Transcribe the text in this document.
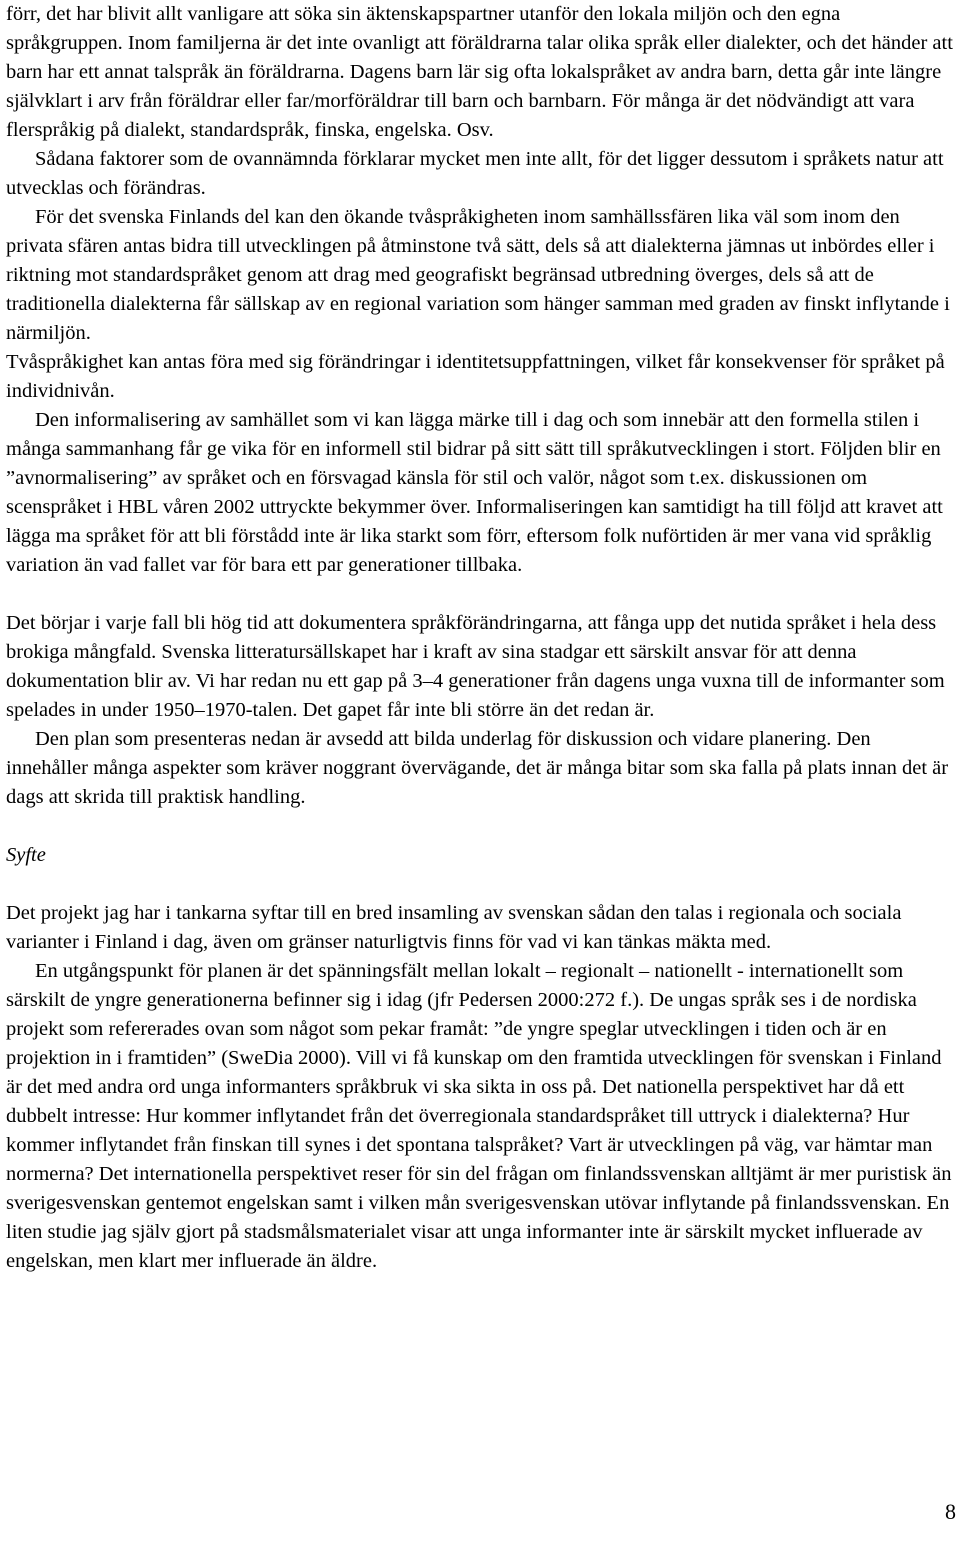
förr, det har blivit allt vanligare att söka sin äktenskapspartner utanför den lokala miljön och den egna språkgruppen. Inom familjerna är det inte ovanligt att föräldrarna talar olika språk eller dialekter, och det händer att barn har ett annat talspråk än föräldrarna. Dagens barn lär sig ofta lokalspråket av andra barn, detta går inte längre självklart i arv från föräldrar eller far/morföräldrar till barn och barnbarn. För många är det nödvändigt att vara flerspråkig på dialekt, standardspråk, finska, engelska. Osv.

Sådana faktorer som de ovannämnda förklarar mycket men inte allt, för det ligger dessutom i språkets natur att utvecklas och förändras.

För det svenska Finlands del kan den ökande tvåspråkigheten inom samhällssfären lika väl som inom den privata sfären antas bidra till utvecklingen på åtminstone två sätt, dels så att dialekterna jämnas ut inbördes eller i riktning mot standardspråket genom att drag med geografiskt begränsad utbredning överges, dels så att de traditionella dialekterna får sällskap av en regional variation som hänger samman med graden av finskt inflytande i närmiljön.

Tvåspråkighet kan antas föra med sig förändringar i identitetsuppfattningen, vilket får konsekvenser för språket på individnivån.

Den informalisering av samhället som vi kan lägga märke till i dag och som innebär att den formella stilen i många sammanhang får ge vika för en informell stil bidrar på sitt sätt till språkutvecklingen i stort. Följden blir en ”avnormalisering” av språket och en försvagad känsla för stil och valör, något som t.ex. diskussionen om scenspråket i HBL våren 2002 uttryckte bekymmer över. Informaliseringen kan samtidigt ha till följd att kravet att lägga ma språket för att bli förstådd inte är lika starkt som förr, eftersom folk nuförtiden är mer vana vid språklig variation än vad fallet var för bara ett par generationer tillbaka.

Det börjar i varje fall bli hög tid att dokumentera språkförändringarna, att fånga upp det nutida språket i hela dess brokiga mångfald. Svenska litteratursällskapet har i kraft av sina stadgar ett särskilt ansvar för att denna dokumentation blir av. Vi har redan nu ett gap på 3–4 generationer från dagens unga vuxna till de informanter som spelades in under 1950–1970-talen. Det gapet får inte bli större än det redan är.

Den plan som presenteras nedan är avsedd att bilda underlag för diskussion och vidare planering. Den innehåller många aspekter som kräver noggrant övervägande, det är många bitar som ska falla på plats innan det är dags att skrida till praktisk handling.

Syfte

Det projekt jag har i tankarna syftar till en bred insamling av svenskan sådan den talas i regionala och sociala varianter i Finland i dag, även om gränser naturligtvis finns för vad vi kan tänkas mäkta med.

En utgångspunkt för planen är det spänningsfält mellan lokalt – regionalt – nationellt - internationellt som särskilt de yngre generationerna befinner sig i idag (jfr Pedersen 2000:272 f.). De ungas språk ses i de nordiska projekt som refererades ovan som något som pekar framåt: ”de yngre speglar utvecklingen i tiden och är en projektion in i framtiden” (SweDia 2000). Vill vi få kunskap om den framtida utvecklingen för svenskan i Finland är det med andra ord unga informanters språkbruk vi ska sikta in oss på. Det nationella perspektivet har då ett dubbelt intresse: Hur kommer inflytandet från det överregionala standardspråket till uttryck i dialekterna? Hur kommer inflytandet från finskan till synes i det spontana talspråket? Vart är utvecklingen på väg, var hämtar man normerna? Det internationella perspektivet reser för sin del frågan om finlandssvenskan alltjämt är mer puristisk än sverigesvenskan gentemot engelskan samt i vilken mån sverigesvenskan utövar inflytande på finlandssvenskan. En liten studie jag själv gjort på stadsmålsmaterialet visar att unga informanter inte är särskilt mycket influerade av engelskan, men klart mer influerade än äldre.

8
